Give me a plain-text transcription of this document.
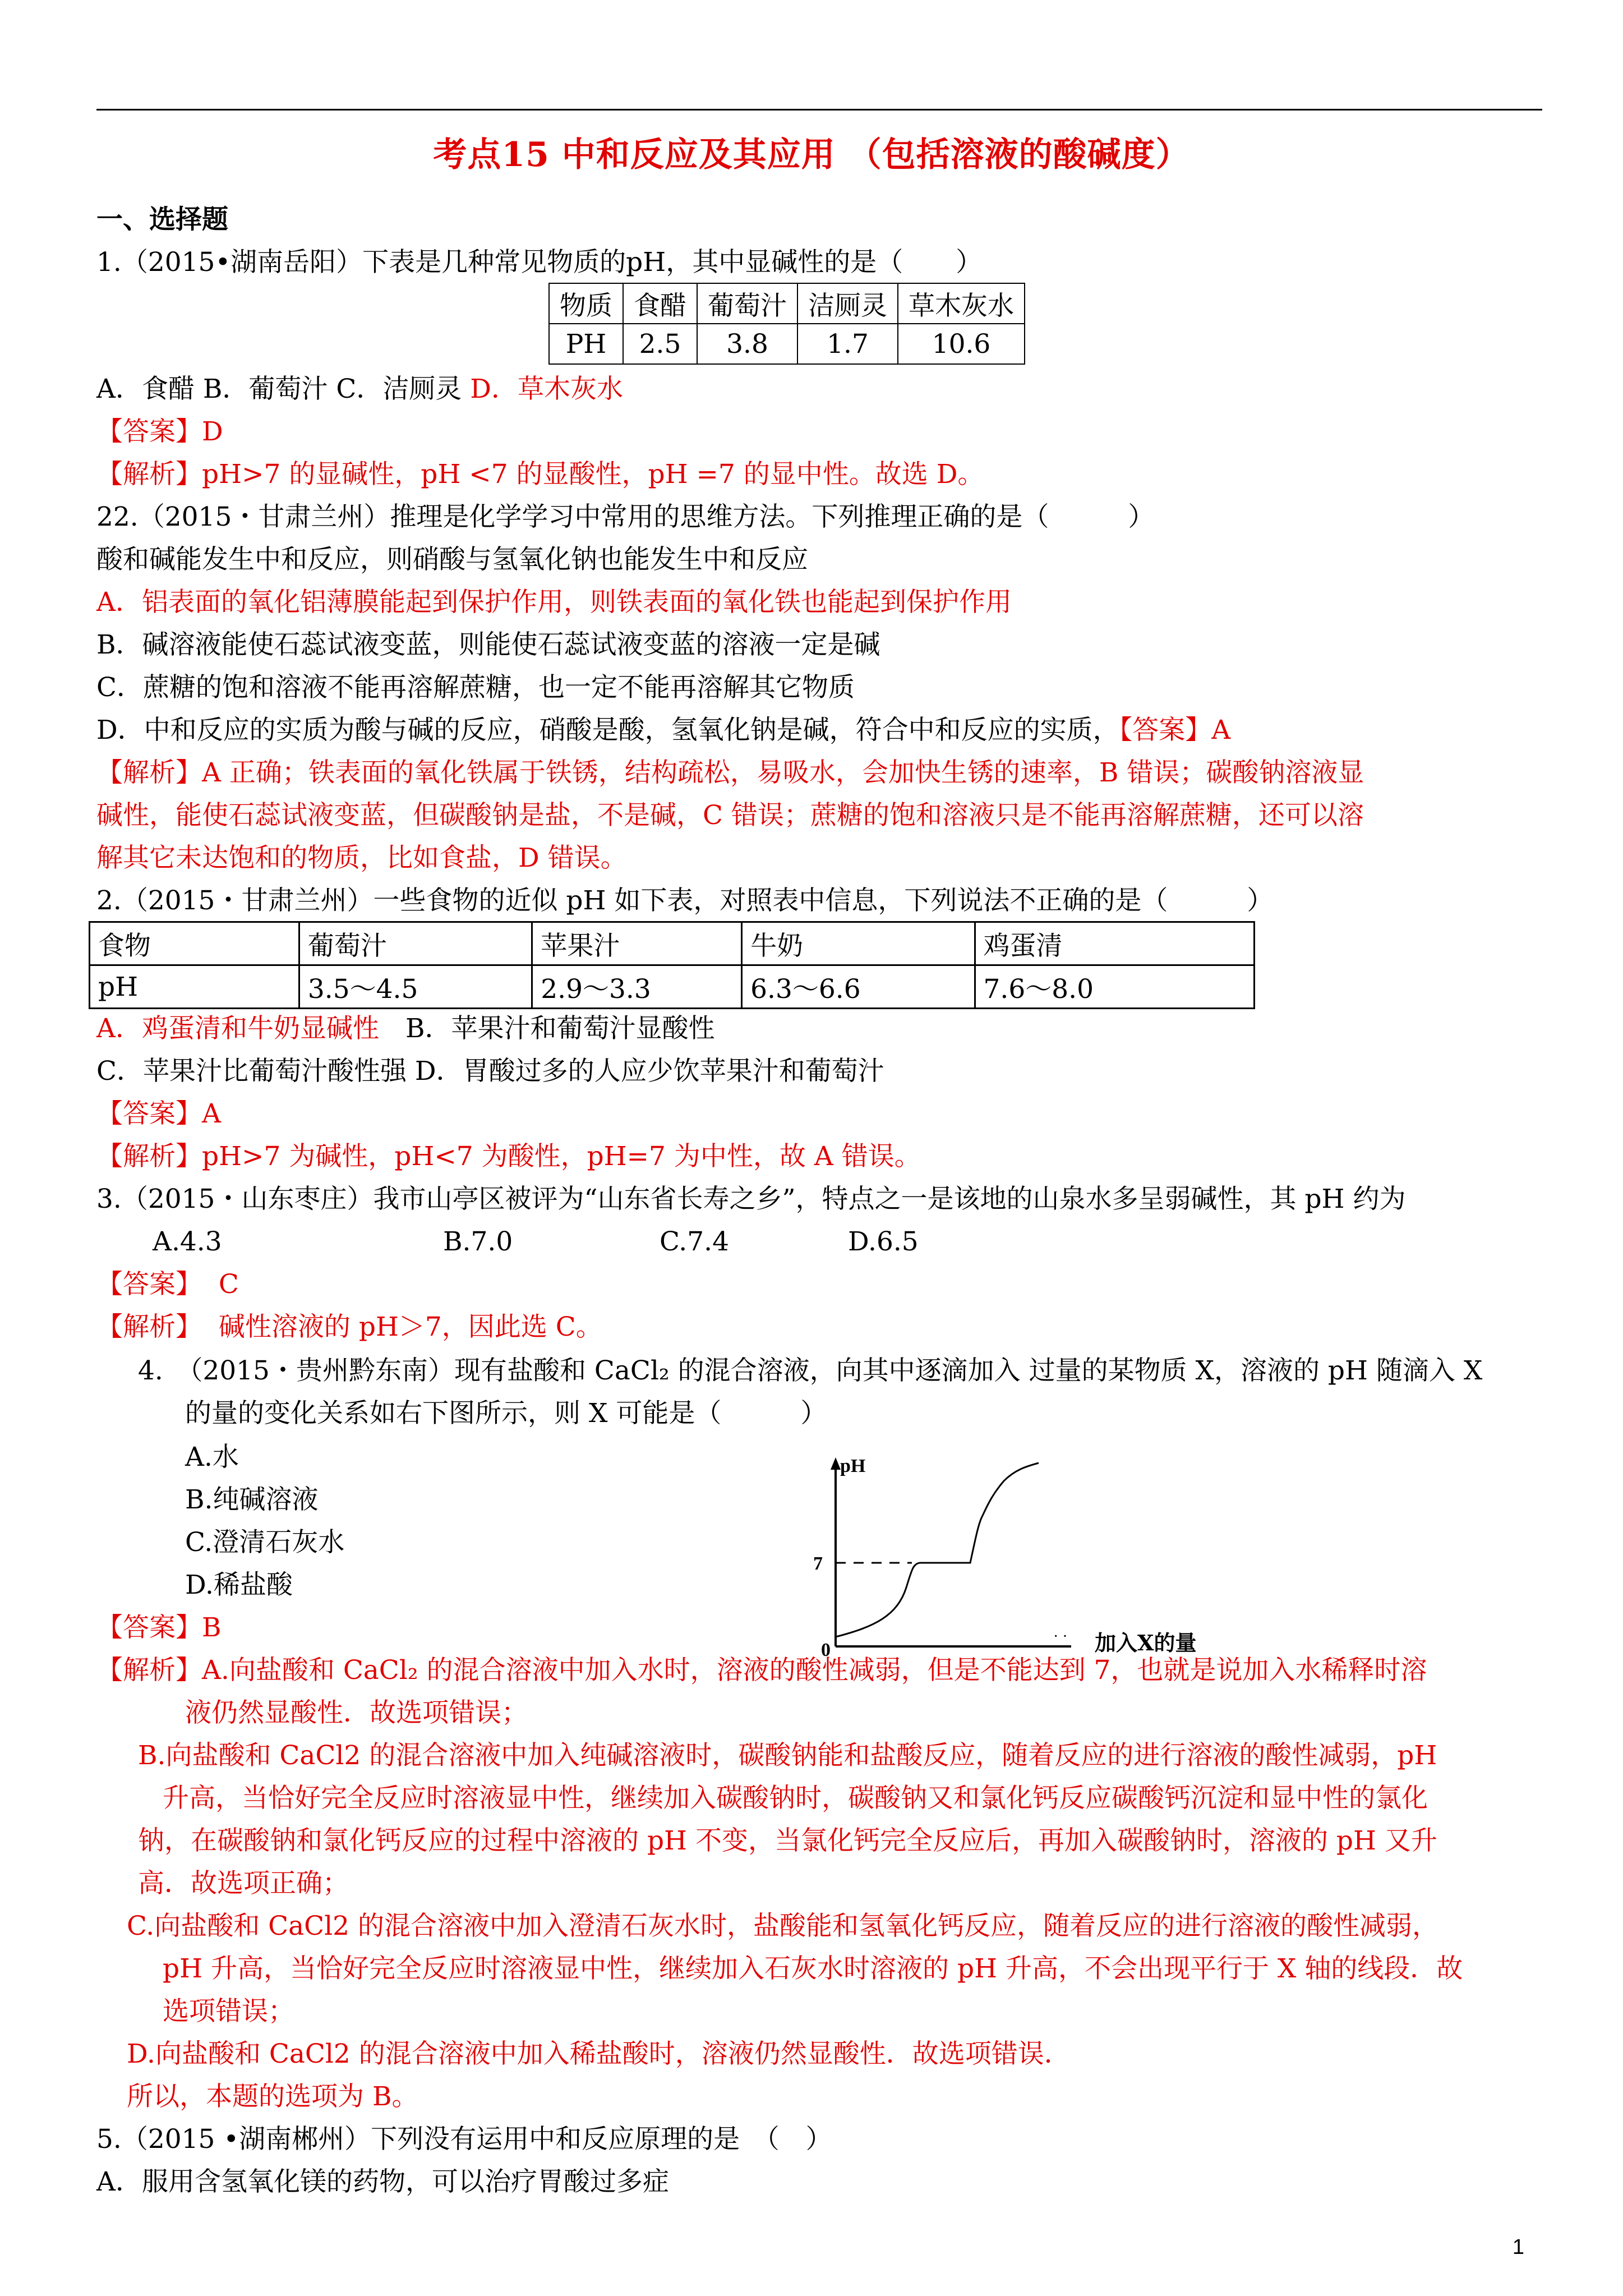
考点15 中和反应及其应用 （包括溶液的酸碱度）
一、选择题
1.（2015•湖南岳阳）下表是几种常见物质的pH，其中显碱性的是（　　）
物质	食醋	葡萄汁	洁厕灵	草木灰水
PH	2.5	3.8	1.7	10.6
A．食醋 B．葡萄汁 C．洁厕灵 D．草木灰水
【答案】D
【解析】pH>7 的显碱性，pH <7 的显酸性，pH =7 的显中性。故选 D。
22.（2015・甘肃兰州）推理是化学学习中常用的思维方法。下列推理正确的是（　　　）
酸和碱能发生中和反应，则硝酸与氢氧化钠也能发生中和反应
A．铝表面的氧化铝薄膜能起到保护作用，则铁表面的氧化铁也能起到保护作用
B．碱溶液能使石蕊试液变蓝，则能使石蕊试液变蓝的溶液一定是碱
C．蔗糖的饱和溶液不能再溶解蔗糖，也一定不能再溶解其它物质
D．中和反应的实质为酸与碱的反应，硝酸是酸，氢氧化钠是碱，符合中和反应的实质，【答案】A
【解析】A 正确；铁表面的氧化铁属于铁锈，结构疏松，易吸水，会加快生锈的速率，B 错误；碳酸钠溶液显
碱性，能使石蕊试液变蓝，但碳酸钠是盐，不是碱，C 错误；蔗糖的饱和溶液只是不能再溶解蔗糖，还可以溶
解其它未达饱和的物质，比如食盐，D 错误。
2.（2015・甘肃兰州）一些食物的近似 pH 如下表，对照表中信息，下列说法不正确的是（　　　）
食物	葡萄汁	苹果汁	牛奶	鸡蛋清
pH	3.5～4.5	2.9～3.3	6.3～6.6	7.6～8.0
A．鸡蛋清和牛奶显碱性　B．苹果汁和葡萄汁显酸性
C．苹果汁比葡萄汁酸性强 D．胃酸过多的人应少饮苹果汁和葡萄汁
【答案】A
【解析】pH>7 为碱性，pH<7 为酸性，pH=7 为中性，故 A 错误。
3.（2015・山东枣庄）我市山亭区被评为“山东省长寿之乡”，特点之一是该地的山泉水多呈弱碱性，其 pH 约为
A.4.3	B.7.0	C.7.4	D.6.5
【答案】 C
【解析】 碱性溶液的 pH＞7，因此选 C。
4.　（2015・贵州黔东南）现有盐酸和 CaCl₂ 的混合溶液，向其中逐滴加入 过量的某物质 X，溶液的 pH 随滴入 X
的量的变化关系如右下图所示，则 X 可能是（　　　）
A.水
B.纯碱溶液
C.澄清石灰水
D.稀盐酸
pH
7
0
· · 加入X的量
【答案】B
【解析】A.向盐酸和 CaCl₂ 的混合溶液中加入水时，溶液的酸性减弱，但是不能达到 7，也就是说加入水稀释时溶
液仍然显酸性．故选项错误；
B.向盐酸和 CaCl2 的混合溶液中加入纯碱溶液时，碳酸钠能和盐酸反应，随着反应的进行溶液的酸性减弱，pH
升高，当恰好完全反应时溶液显中性，继续加入碳酸钠时，碳酸钠又和氯化钙反应碳酸钙沉淀和显中性的氯化
钠，在碳酸钠和氯化钙反应的过程中溶液的 pH 不变，当氯化钙完全反应后，再加入碳酸钠时，溶液的 pH 又升
高．故选项正确；
C.向盐酸和 CaCl2 的混合溶液中加入澄清石灰水时，盐酸能和氢氧化钙反应，随着反应的进行溶液的酸性减弱，
pH 升高，当恰好完全反应时溶液显中性，继续加入石灰水时溶液的 pH 升高，不会出现平行于 X 轴的线段．故
选项错误；
D.向盐酸和 CaCl2 的混合溶液中加入稀盐酸时，溶液仍然显酸性．故选项错误．
所以，本题的选项为 B。
5.（2015 •湖南郴州）下列没有运用中和反应原理的是　（　）
A．服用含氢氧化镁的药物，可以治疗胃酸过多症
1
